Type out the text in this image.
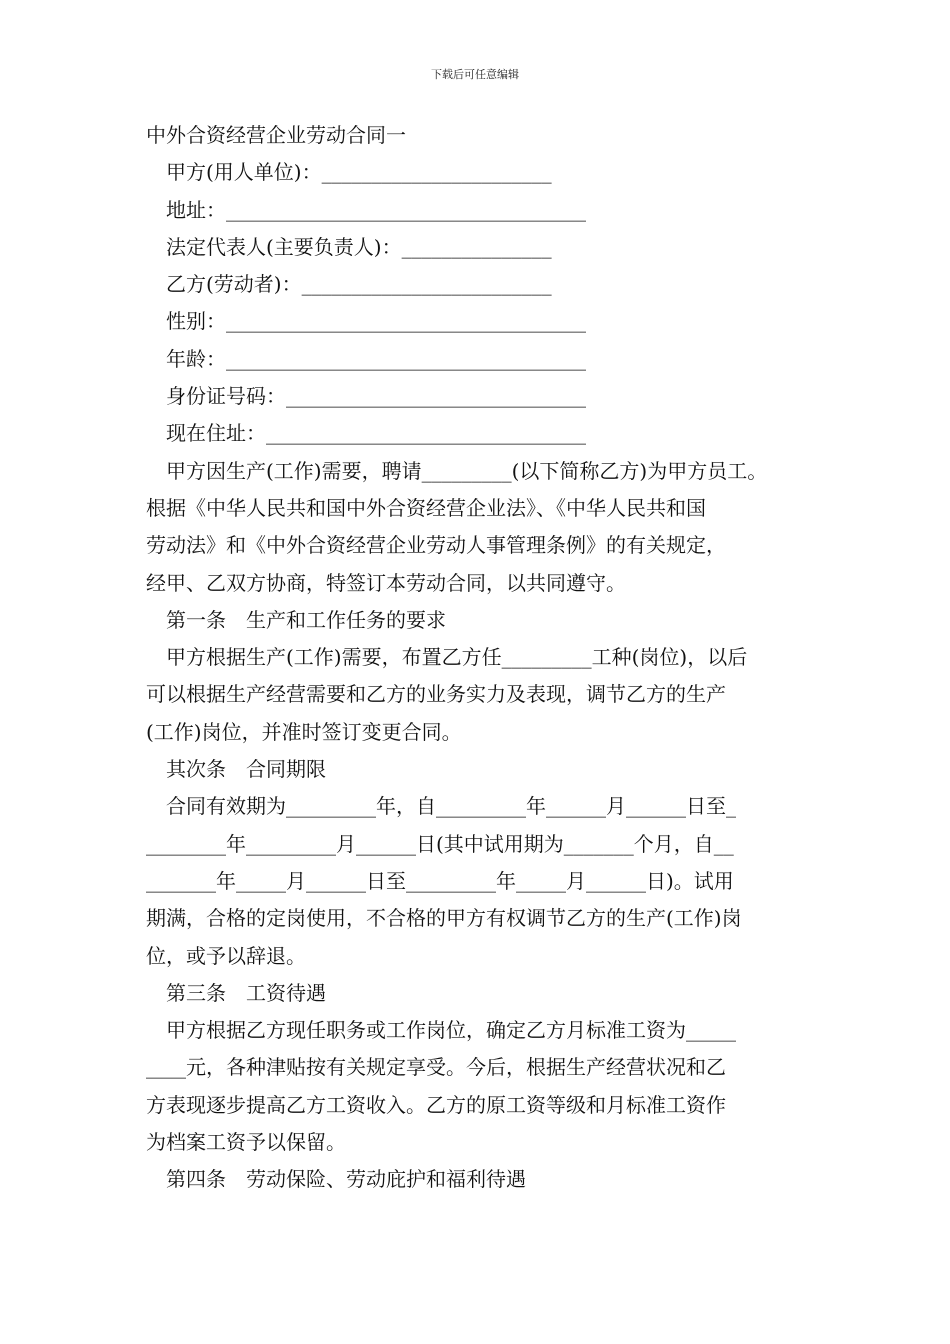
下载后可任意编辑
中外合资经营企业劳动合同一
甲方(用人单位)：_______________________
地址：____________________________________
法定代表人(主要负责人)：_______________
乙方(劳动者)：_________________________
性别：____________________________________
年龄：____________________________________
身份证号码：______________________________
现在住址：________________________________
甲方因生产(工作)需要，聘请_________(以下简称乙方)为甲方员工。
根据《中华人民共和国中外合资经营企业法》、《中华人民共和国
劳动法》和《中外合资经营企业劳动人事管理条例》的有关规定，
经甲、乙双方协商，特签订本劳动合同，以共同遵守。
第一条　生产和工作任务的要求
甲方根据生产(工作)需要，布置乙方任_________工种(岗位)，以后
可以根据生产经营需要和乙方的业务实力及表现，调节乙方的生产
(工作)岗位，并准时签订变更合同。
其次条　合同期限
合同有效期为_________年，自_________年______月______日至_
________年_________月______日(其中试用期为_______个月，自__
_______年_____月______日至_________年_____月______日)。试用
期满，合格的定岗使用，不合格的甲方有权调节乙方的生产(工作)岗
位，或予以辞退。
第三条　工资待遇
甲方根据乙方现任职务或工作岗位，确定乙方月标准工资为_____
____元，各种津贴按有关规定享受。今后，根据生产经营状况和乙
方表现逐步提高乙方工资收入。乙方的原工资等级和月标准工资作
为档案工资予以保留。
第四条　劳动保险、劳动庇护和福利待遇
